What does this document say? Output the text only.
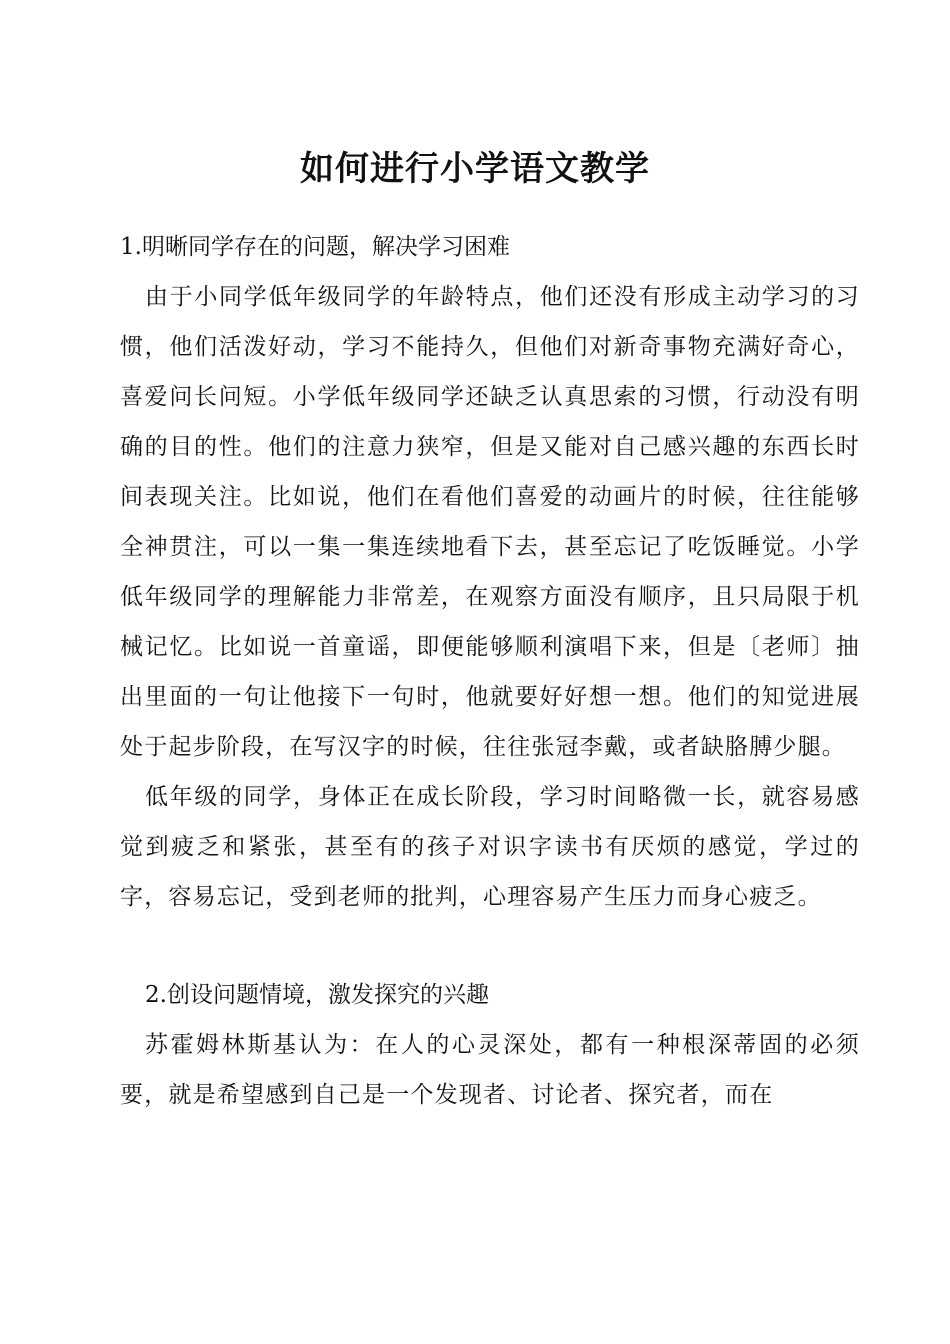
如何进行小学语文教学

1.明晰同学存在的问题，解决学习困难

由于小同学低年级同学的年龄特点，他们还没有形成主动学习的习惯，他们活泼好动，学习不能持久，但他们对新奇事物充满好奇心，喜爱问长问短。小学低年级同学还缺乏认真思索的习惯，行动没有明确的目的性。他们的注意力狭窄，但是又能对自己感兴趣的东西长时间表现关注。比如说，他们在看他们喜爱的动画片的时候，往往能够全神贯注，可以一集一集连续地看下去，甚至忘记了吃饭睡觉。小学低年级同学的理解能力非常差，在观察方面没有顺序，且只局限于机械记忆。比如说一首童谣，即便能够顺利演唱下来，但是〔老师〕抽出里面的一句让他接下一句时，他就要好好想一想。他们的知觉进展处于起步阶段，在写汉字的时候，往往张冠李戴，或者缺胳膊少腿。

低年级的同学，身体正在成长阶段，学习时间略微一长，就容易感觉到疲乏和紧张，甚至有的孩子对识字读书有厌烦的感觉，学过的字，容易忘记，受到老师的批判，心理容易产生压力而身心疲乏。

2.创设问题情境，激发探究的兴趣

苏霍姆林斯基认为：在人的心灵深处，都有一种根深蒂固的必须要，就是希望感到自己是一个发现者、讨论者、探究者，而在
